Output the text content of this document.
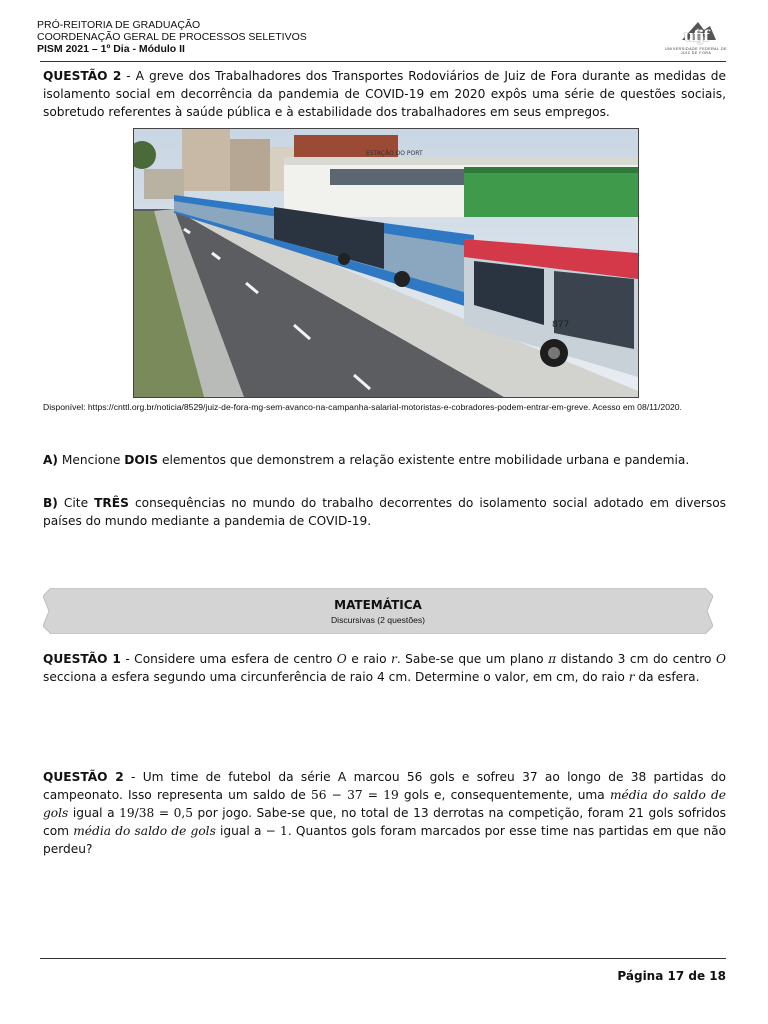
PRÓ-REITORIA DE GRADUAÇÃO
COORDENAÇÃO GERAL DE PROCESSOS SELETIVOS
PISM 2021 – 1º Dia - Módulo II
ufjf
UNIVERSIDADE FEDERAL DE JUIZ DE FORA
QUESTÃO 2 - A greve dos Trabalhadores dos Transportes Rodoviários de Juiz de Fora durante as medidas de isolamento social em decorrência da pandemia de COVID-19 em 2020 expôs uma série de questões sociais, sobretudo referentes à saúde pública e à estabilidade dos trabalhadores em seus empregos.
ESTAÇÃO DO PORT
877
Disponível: https://cnttl.org.br/noticia/8529/juiz-de-fora-mg-sem-avanco-na-campanha-salarial-motoristas-e-cobradores-podem-entrar-em-greve. Acesso em 08/11/2020.
A) Mencione DOIS elementos que demonstrem a relação existente entre mobilidade urbana e pandemia.
B) Cite TRÊS consequências no mundo do trabalho decorrentes do isolamento social adotado em diversos países do mundo mediante a pandemia de COVID-19.
MATEMÁTICA
Discursivas (2 questões)
QUESTÃO 1 - Considere uma esfera de centro O e raio r. Sabe-se que um plano π distando 3 cm do centro O secciona a esfera segundo uma circunferência de raio 4 cm. Determine o valor, em cm, do raio r da esfera.
QUESTÃO 2 - Um time de futebol da série A marcou 56 gols e sofreu 37 ao longo de 38 partidas do campeonato. Isso representa um saldo de 56 − 37 = 19 gols e, consequentemente, uma média do saldo de gols igual a 19/38 = 0,5 por jogo. Sabe-se que, no total de 13 derrotas na competição, foram 21 gols sofridos com média do saldo de gols igual a − 1. Quantos gols foram marcados por esse time nas partidas em que não perdeu?
Página 17 de 18
